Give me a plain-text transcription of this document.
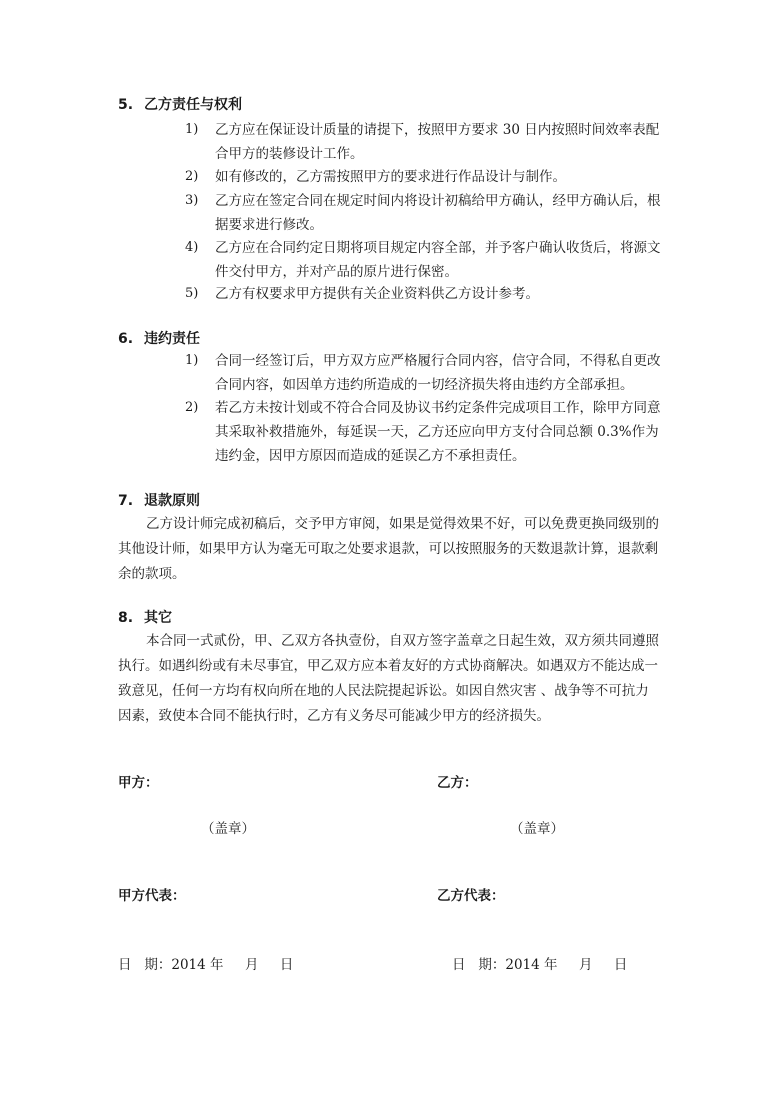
5. 乙方责任与权利
1)	乙方应在保证设计质量的请提下，按照甲方要求 30 日内按照时间效率表配
合甲方的装修设计工作。
2)	如有修改的，乙方需按照甲方的要求进行作品设计与制作。
3)	乙方应在签定合同在规定时间内将设计初稿给甲方确认，经甲方确认后，根
据要求进行修改。
4)	乙方应在合同约定日期将项目规定内容全部，并予客户确认收货后，将源文
件交付甲方，并对产品的原片进行保密。
5)	乙方有权要求甲方提供有关企业资料供乙方设计参考。
6. 违约责任
1)	合同一经签订后，甲方双方应严格履行合同内容，信守合同，不得私自更改
合同内容，如因单方违约所造成的一切经济损失将由违约方全部承担。
2)	若乙方未按计划或不符合合同及协议书约定条件完成项目工作，除甲方同意
其采取补救措施外，每延误一天，乙方还应向甲方支付合同总额 0.3%作为
违约金，因甲方原因而造成的延误乙方不承担责任。
7. 退款原则
乙方设计师完成初稿后，交予甲方审阅，如果是觉得效果不好，可以免费更换同级别的
其他设计师，如果甲方认为毫无可取之处要求退款，可以按照服务的天数退款计算，退款剩
余的款项。
8. 其它
本合同一式贰份，甲、乙双方各执壹份，自双方签字盖章之日起生效，双方须共同遵照
执行。如遇纠纷或有未尽事宜，甲乙双方应本着友好的方式协商解决。如遇双方不能达成一
致意见，任何一方均有权向所在地的人民法院提起诉讼。如因自然灾害 、战争等不可抗力
因素，致使本合同不能执行时，乙方有义务尽可能减少甲方的经济损失。
甲方：	乙方：
（盖章）	（盖章）
甲方代表：	乙方代表：
日   期：2014 年     月     日	日   期：2014 年     月     日
